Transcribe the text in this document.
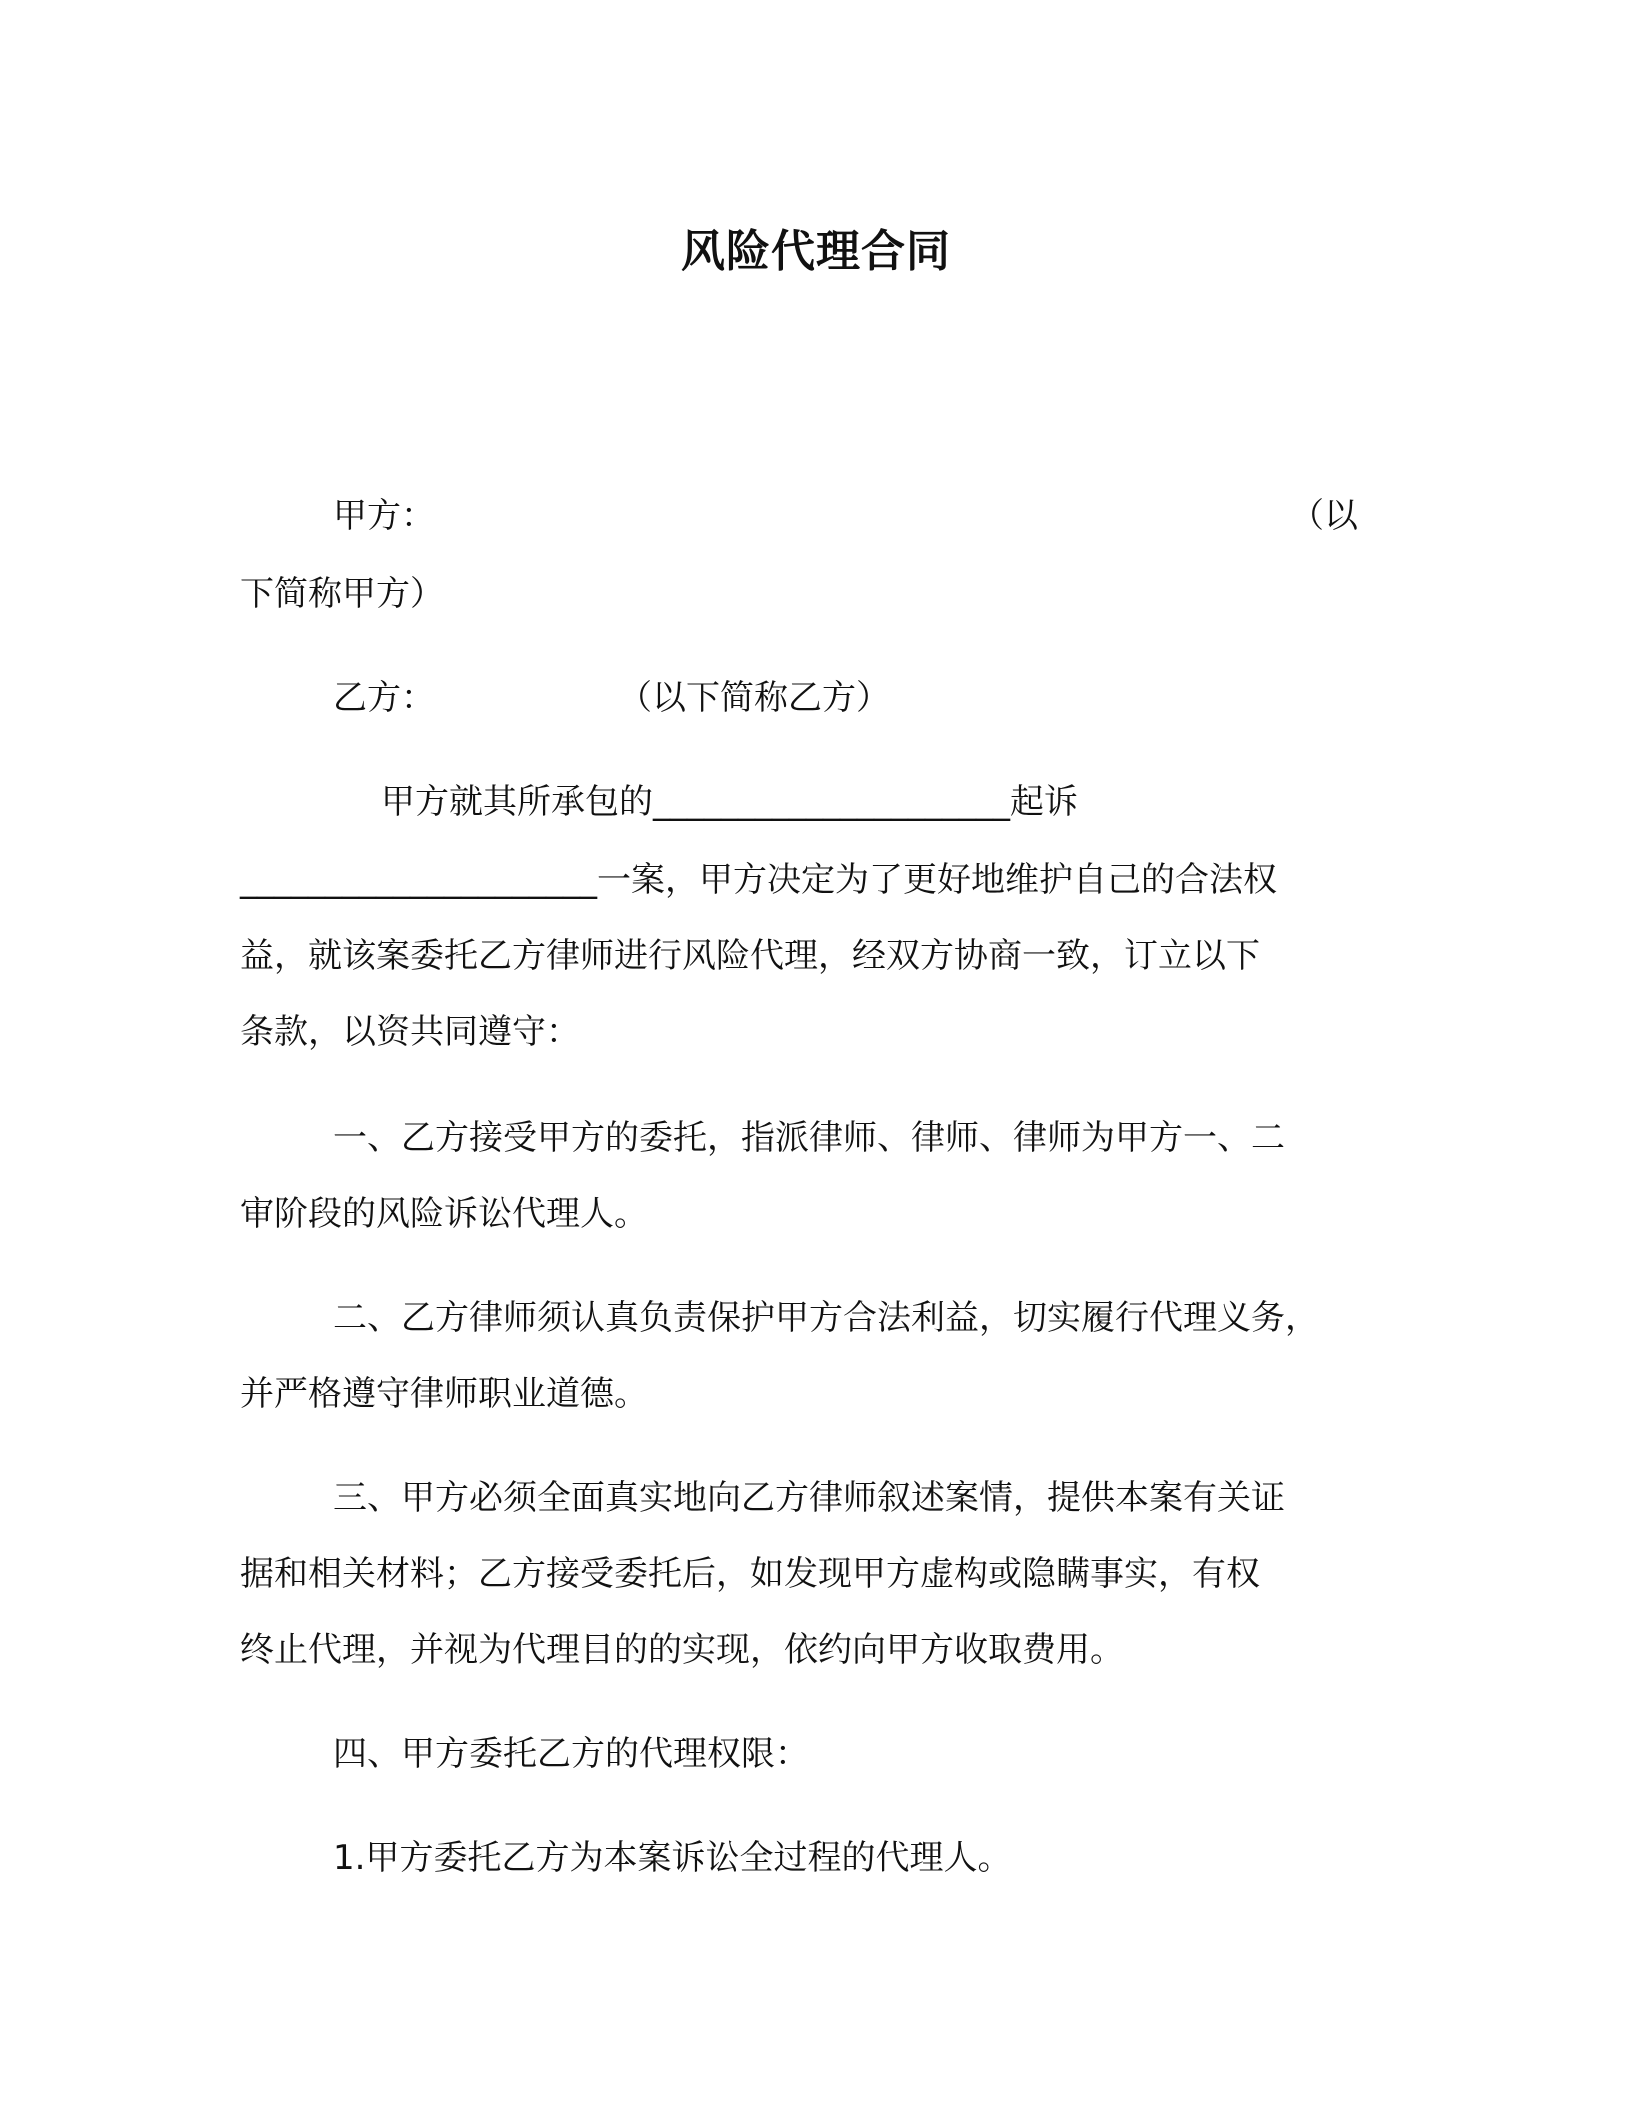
风险代理合同
甲方：	（以
下简称甲方）
乙方：	（以下简称乙方）
甲方就其所承包的_____________________起诉
_____________________一案，甲方决定为了更好地维护自己的合法权
益，就该案委托乙方律师进行风险代理，经双方协商一致，订立以下
条款，以资共同遵守：
一、乙方接受甲方的委托，指派律师、律师、律师为甲方一、二
审阶段的风险诉讼代理人。
二、乙方律师须认真负责保护甲方合法利益，切实履行代理义务，
并严格遵守律师职业道德。
三、甲方必须全面真实地向乙方律师叙述案情，提供本案有关证
据和相关材料；乙方接受委托后，如发现甲方虚构或隐瞒事实，有权
终止代理，并视为代理目的的实现，依约向甲方收取费用。
四、甲方委托乙方的代理权限：
1.甲方委托乙方为本案诉讼全过程的代理人。
